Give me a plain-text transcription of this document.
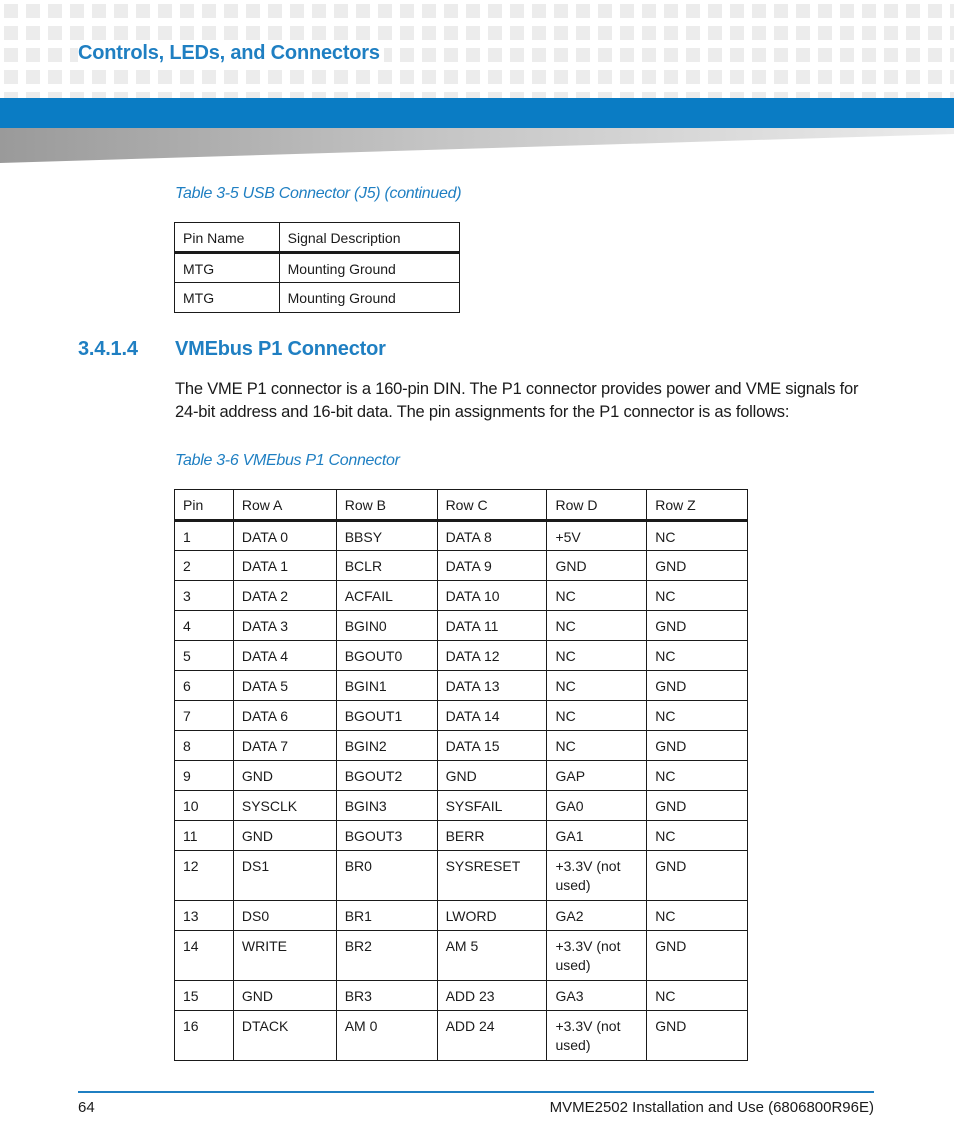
Controls, LEDs, and Connectors
Table 3-5 USB Connector (J5) (continued)
Pin Name	Signal Description
MTG	Mounting Ground
MTG	Mounting Ground
3.4.1.4 VMEbus P1 Connector

The VME P1 connector is a 160-pin DIN. The P1 connector provides power and VME signals for 24-bit address and 16-bit data. The pin assignments for the P1 connector is as follows:

Table 3-6 VMEbus P1 Connector
Pin	Row A	Row B	Row C	Row D	Row Z
1	DATA 0	BBSY	DATA 8	+5V	NC
2	DATA 1	BCLR	DATA 9	GND	GND
3	DATA 2	ACFAIL	DATA 10	NC	NC
4	DATA 3	BGIN0	DATA 11	NC	GND
5	DATA 4	BGOUT0	DATA 12	NC	NC
6	DATA 5	BGIN1	DATA 13	NC	GND
7	DATA 6	BGOUT1	DATA 14	NC	NC
8	DATA 7	BGIN2	DATA 15	NC	GND
9	GND	BGOUT2	GND	GAP	NC
10	SYSCLK	BGIN3	SYSFAIL	GA0	GND
11	GND	BGOUT3	BERR	GA1	NC
12	DS1	BR0	SYSRESET	+3.3V (not used)	GND
13	DS0	BR1	LWORD	GA2	NC
14	WRITE	BR2	AM 5	+3.3V (not used)	GND
15	GND	BR3	ADD 23	GA3	NC
16	DTACK	AM 0	ADD 24	+3.3V (not used)	GND
64	MVME2502 Installation and Use (6806800R96E)
